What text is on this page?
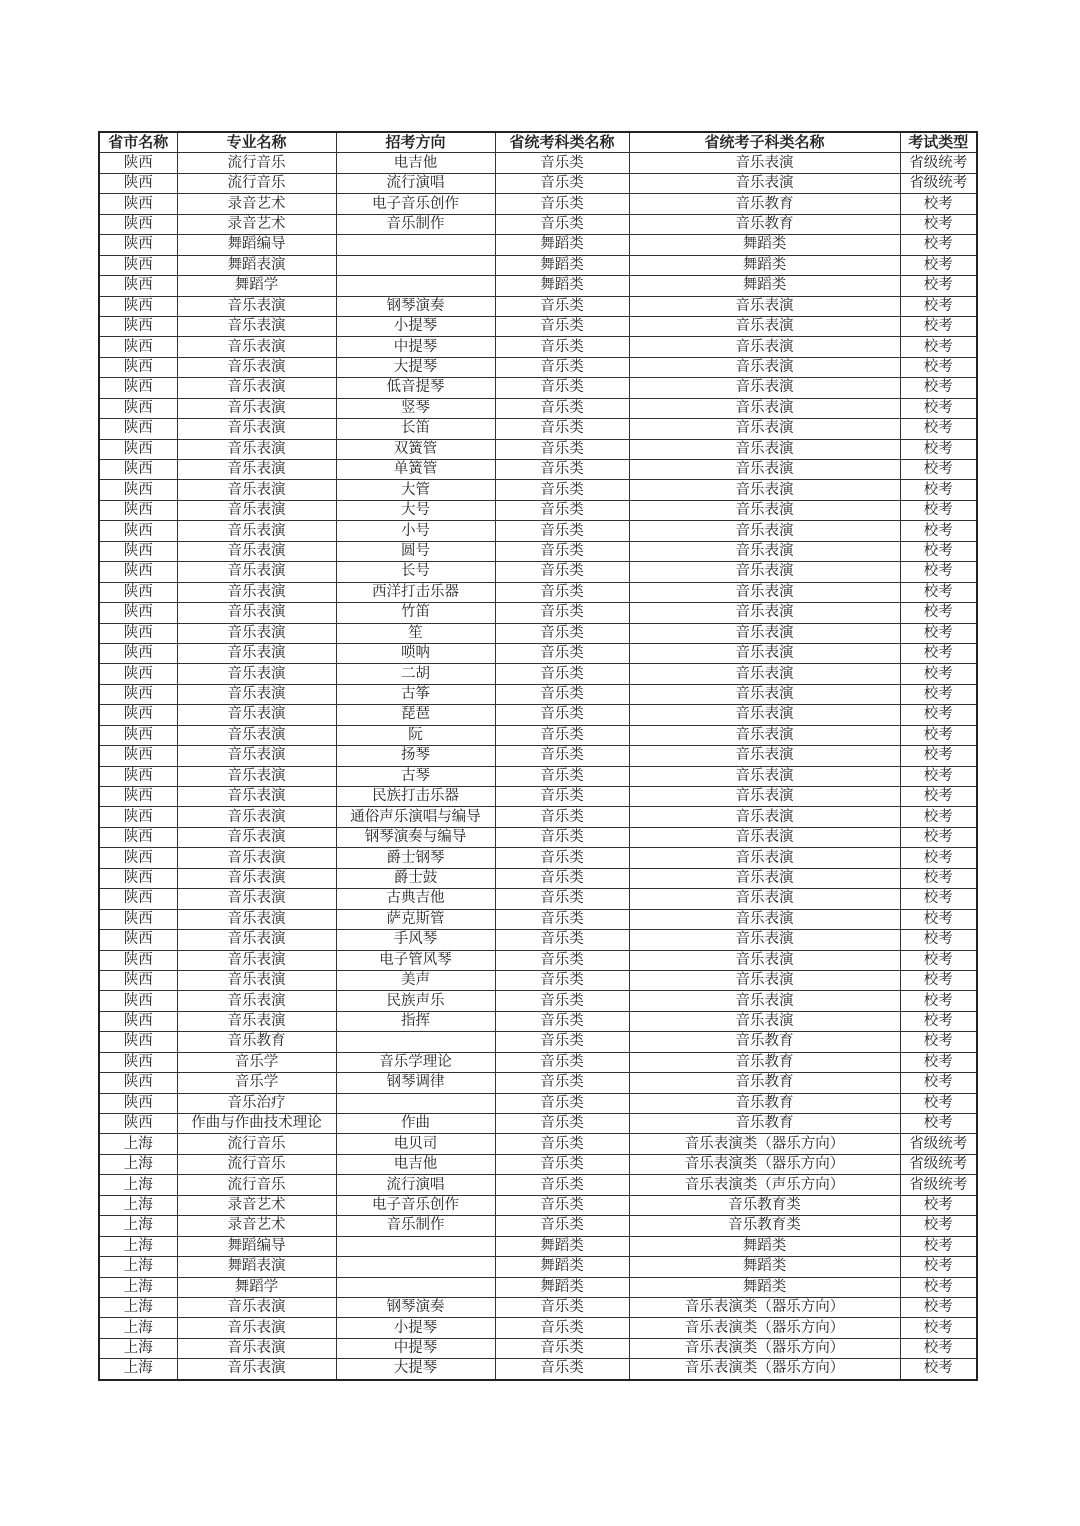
省市名称	专业名称	招考方向	省统考科类名称	省统考子科类名称	考试类型
陕西	流行音乐	电吉他	音乐类	音乐表演	省级统考
陕西	流行音乐	流行演唱	音乐类	音乐表演	省级统考
陕西	录音艺术	电子音乐创作	音乐类	音乐教育	校考
陕西	录音艺术	音乐制作	音乐类	音乐教育	校考
陕西	舞蹈编导		舞蹈类	舞蹈类	校考
陕西	舞蹈表演		舞蹈类	舞蹈类	校考
陕西	舞蹈学		舞蹈类	舞蹈类	校考
陕西	音乐表演	钢琴演奏	音乐类	音乐表演	校考
陕西	音乐表演	小提琴	音乐类	音乐表演	校考
陕西	音乐表演	中提琴	音乐类	音乐表演	校考
陕西	音乐表演	大提琴	音乐类	音乐表演	校考
陕西	音乐表演	低音提琴	音乐类	音乐表演	校考
陕西	音乐表演	竖琴	音乐类	音乐表演	校考
陕西	音乐表演	长笛	音乐类	音乐表演	校考
陕西	音乐表演	双簧管	音乐类	音乐表演	校考
陕西	音乐表演	单簧管	音乐类	音乐表演	校考
陕西	音乐表演	大管	音乐类	音乐表演	校考
陕西	音乐表演	大号	音乐类	音乐表演	校考
陕西	音乐表演	小号	音乐类	音乐表演	校考
陕西	音乐表演	圆号	音乐类	音乐表演	校考
陕西	音乐表演	长号	音乐类	音乐表演	校考
陕西	音乐表演	西洋打击乐器	音乐类	音乐表演	校考
陕西	音乐表演	竹笛	音乐类	音乐表演	校考
陕西	音乐表演	笙	音乐类	音乐表演	校考
陕西	音乐表演	唢呐	音乐类	音乐表演	校考
陕西	音乐表演	二胡	音乐类	音乐表演	校考
陕西	音乐表演	古筝	音乐类	音乐表演	校考
陕西	音乐表演	琵琶	音乐类	音乐表演	校考
陕西	音乐表演	阮	音乐类	音乐表演	校考
陕西	音乐表演	扬琴	音乐类	音乐表演	校考
陕西	音乐表演	古琴	音乐类	音乐表演	校考
陕西	音乐表演	民族打击乐器	音乐类	音乐表演	校考
陕西	音乐表演	通俗声乐演唱与编导	音乐类	音乐表演	校考
陕西	音乐表演	钢琴演奏与编导	音乐类	音乐表演	校考
陕西	音乐表演	爵士钢琴	音乐类	音乐表演	校考
陕西	音乐表演	爵士鼓	音乐类	音乐表演	校考
陕西	音乐表演	古典吉他	音乐类	音乐表演	校考
陕西	音乐表演	萨克斯管	音乐类	音乐表演	校考
陕西	音乐表演	手风琴	音乐类	音乐表演	校考
陕西	音乐表演	电子管风琴	音乐类	音乐表演	校考
陕西	音乐表演	美声	音乐类	音乐表演	校考
陕西	音乐表演	民族声乐	音乐类	音乐表演	校考
陕西	音乐表演	指挥	音乐类	音乐表演	校考
陕西	音乐教育		音乐类	音乐教育	校考
陕西	音乐学	音乐学理论	音乐类	音乐教育	校考
陕西	音乐学	钢琴调律	音乐类	音乐教育	校考
陕西	音乐治疗		音乐类	音乐教育	校考
陕西	作曲与作曲技术理论	作曲	音乐类	音乐教育	校考
上海	流行音乐	电贝司	音乐类	音乐表演类（器乐方向）	省级统考
上海	流行音乐	电吉他	音乐类	音乐表演类（器乐方向）	省级统考
上海	流行音乐	流行演唱	音乐类	音乐表演类（声乐方向）	省级统考
上海	录音艺术	电子音乐创作	音乐类	音乐教育类	校考
上海	录音艺术	音乐制作	音乐类	音乐教育类	校考
上海	舞蹈编导		舞蹈类	舞蹈类	校考
上海	舞蹈表演		舞蹈类	舞蹈类	校考
上海	舞蹈学		舞蹈类	舞蹈类	校考
上海	音乐表演	钢琴演奏	音乐类	音乐表演类（器乐方向）	校考
上海	音乐表演	小提琴	音乐类	音乐表演类（器乐方向）	校考
上海	音乐表演	中提琴	音乐类	音乐表演类（器乐方向）	校考
上海	音乐表演	大提琴	音乐类	音乐表演类（器乐方向）	校考
